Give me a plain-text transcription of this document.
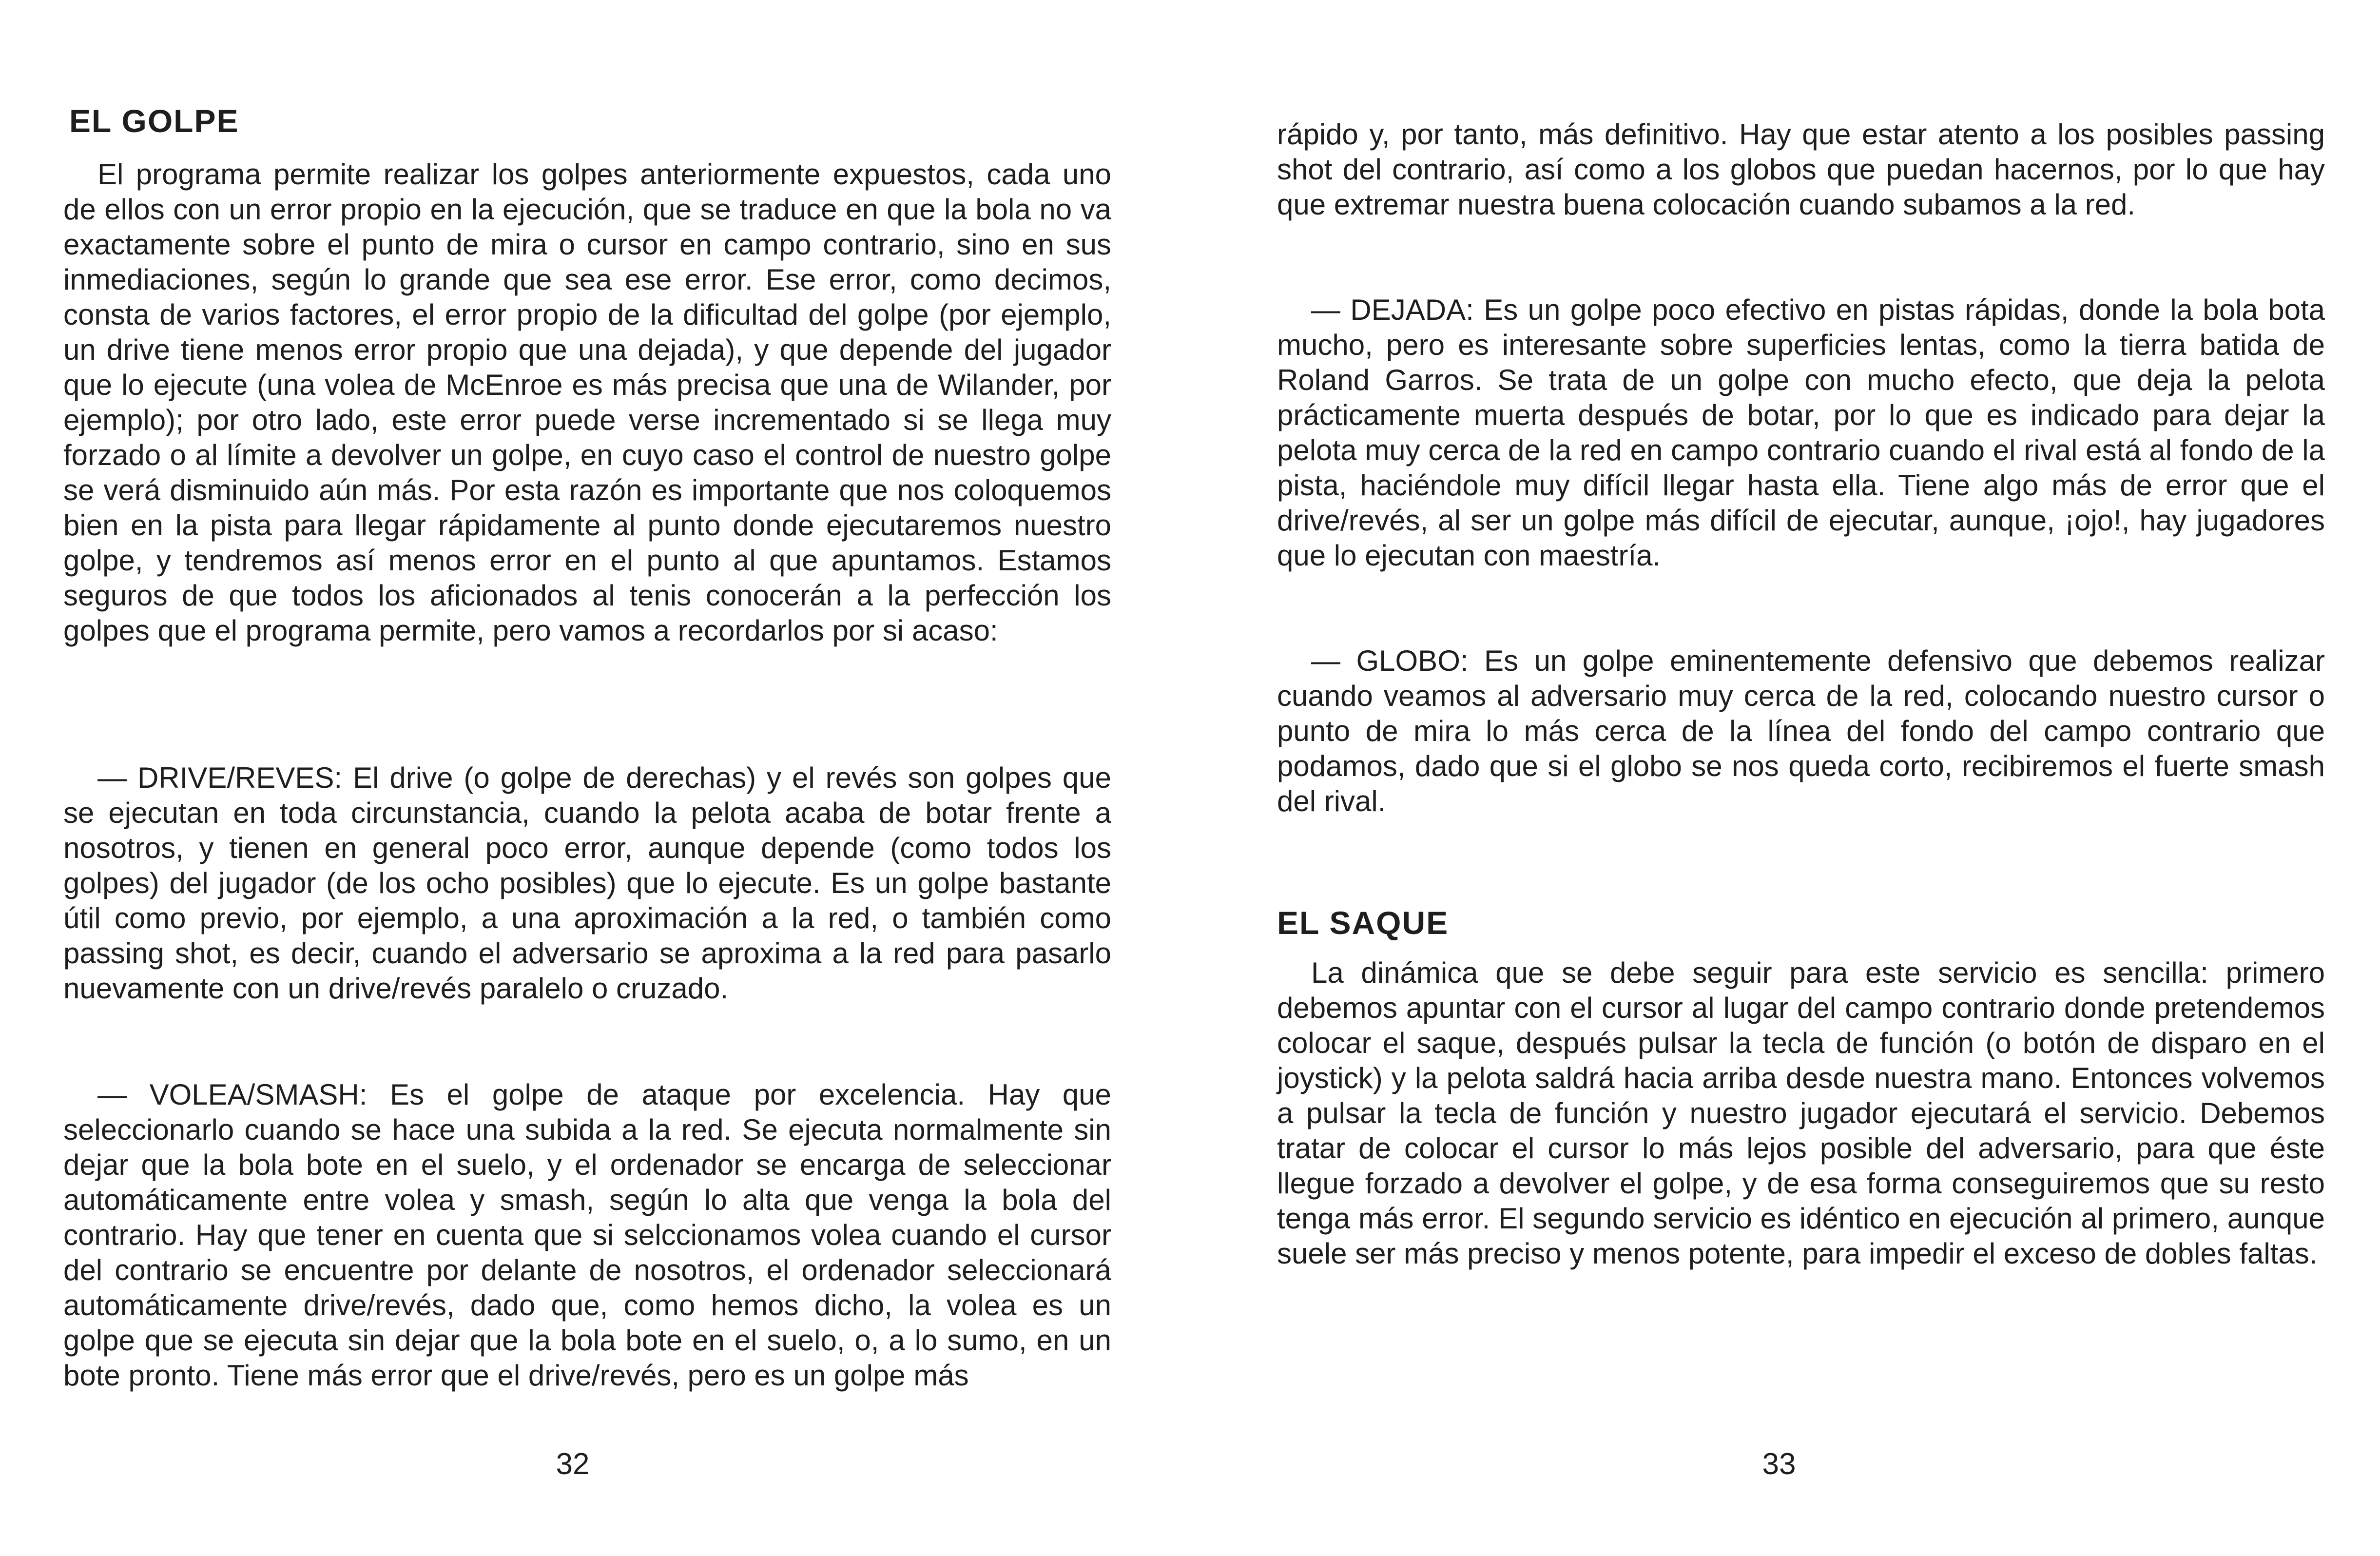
EL GOLPE

El programa permite realizar los golpes anteriormente expuestos, cada uno de ellos con un error propio en la ejecución, que se traduce en que la bola no va exactamente sobre el punto de mira o cursor en campo contrario, sino en sus inmediaciones, según lo grande que sea ese error. Ese error, como decimos, consta de varios factores, el error propio de la dificultad del golpe (por ejemplo, un drive tiene menos error propio que una dejada), y que depende del jugador que lo ejecute (una volea de McEnroe es más precisa que una de Wilander, por ejemplo); por otro lado, este error puede verse incrementado si se llega muy forzado o al límite a devolver un golpe, en cuyo caso el control de nuestro golpe se verá disminuido aún más. Por esta razón es importante que nos coloquemos bien en la pista para llegar rápidamente al punto donde ejecutaremos nuestro golpe, y tendremos así menos error en el punto al que apuntamos. Estamos seguros de que todos los aficionados al tenis conocerán a la perfección los golpes que el programa permite, pero vamos a recordarlos por si acaso:

— DRIVE/REVES: El drive (o golpe de derechas) y el revés son golpes que se ejecutan en toda circunstancia, cuando la pelota acaba de botar frente a nosotros, y tienen en general poco error, aunque depende (como todos los golpes) del jugador (de los ocho posibles) que lo ejecute. Es un golpe bastante útil como previo, por ejemplo, a una aproximación a la red, o también como passing shot, es decir, cuando el adversario se aproxima a la red para pasarlo nuevamente con un drive/revés paralelo o cruzado.

— VOLEA/SMASH: Es el golpe de ataque por excelencia. Hay que seleccionarlo cuando se hace una subida a la red. Se ejecuta normalmente sin dejar que la bola bote en el suelo, y el ordenador se encarga de seleccionar automáticamente entre volea y smash, según lo alta que venga la bola del contrario. Hay que tener en cuenta que si selccionamos volea cuando el cursor del contrario se encuentre por delante de nosotros, el ordenador seleccionará automáticamente drive/revés, dado que, como hemos dicho, la volea es un golpe que se ejecuta sin dejar que la bola bote en el suelo, o, a lo sumo, en un bote pronto. Tiene más error que el drive/revés, pero es un golpe más

32

rápido y, por tanto, más definitivo. Hay que estar atento a los posibles passing shot del contrario, así como a los globos que puedan hacernos, por lo que hay que extremar nuestra buena colocación cuando subamos a la red.

— DEJADA: Es un golpe poco efectivo en pistas rápidas, donde la bola bota mucho, pero es interesante sobre superficies lentas, como la tierra batida de Roland Garros. Se trata de un golpe con mucho efecto, que deja la pelota prácticamente muerta después de botar, por lo que es indicado para dejar la pelota muy cerca de la red en campo contrario cuando el rival está al fondo de la pista, haciéndole muy difícil llegar hasta ella. Tiene algo más de error que el drive/revés, al ser un golpe más difícil de ejecutar, aunque, ¡ojo!, hay jugadores que lo ejecutan con maestría.

— GLOBO: Es un golpe eminentemente defensivo que debemos realizar cuando veamos al adversario muy cerca de la red, colocando nuestro cursor o punto de mira lo más cerca de la línea del fondo del campo contrario que podamos, dado que si el globo se nos queda corto, recibiremos el fuerte smash del rival.

EL SAQUE

La dinámica que se debe seguir para este servicio es sencilla: primero debemos apuntar con el cursor al lugar del campo contrario donde pretendemos colocar el saque, después pulsar la tecla de función (o botón de disparo en el joystick) y la pelota saldrá hacia arriba desde nuestra mano. Entonces volvemos a pulsar la tecla de función y nuestro jugador ejecutará el servicio. Debemos tratar de colocar el cursor lo más lejos posible del adversario, para que éste llegue forzado a devolver el golpe, y de esa forma conseguiremos que su resto tenga más error. El segundo servicio es idéntico en ejecución al primero, aunque suele ser más preciso y menos potente, para impedir el exceso de dobles faltas.

33
